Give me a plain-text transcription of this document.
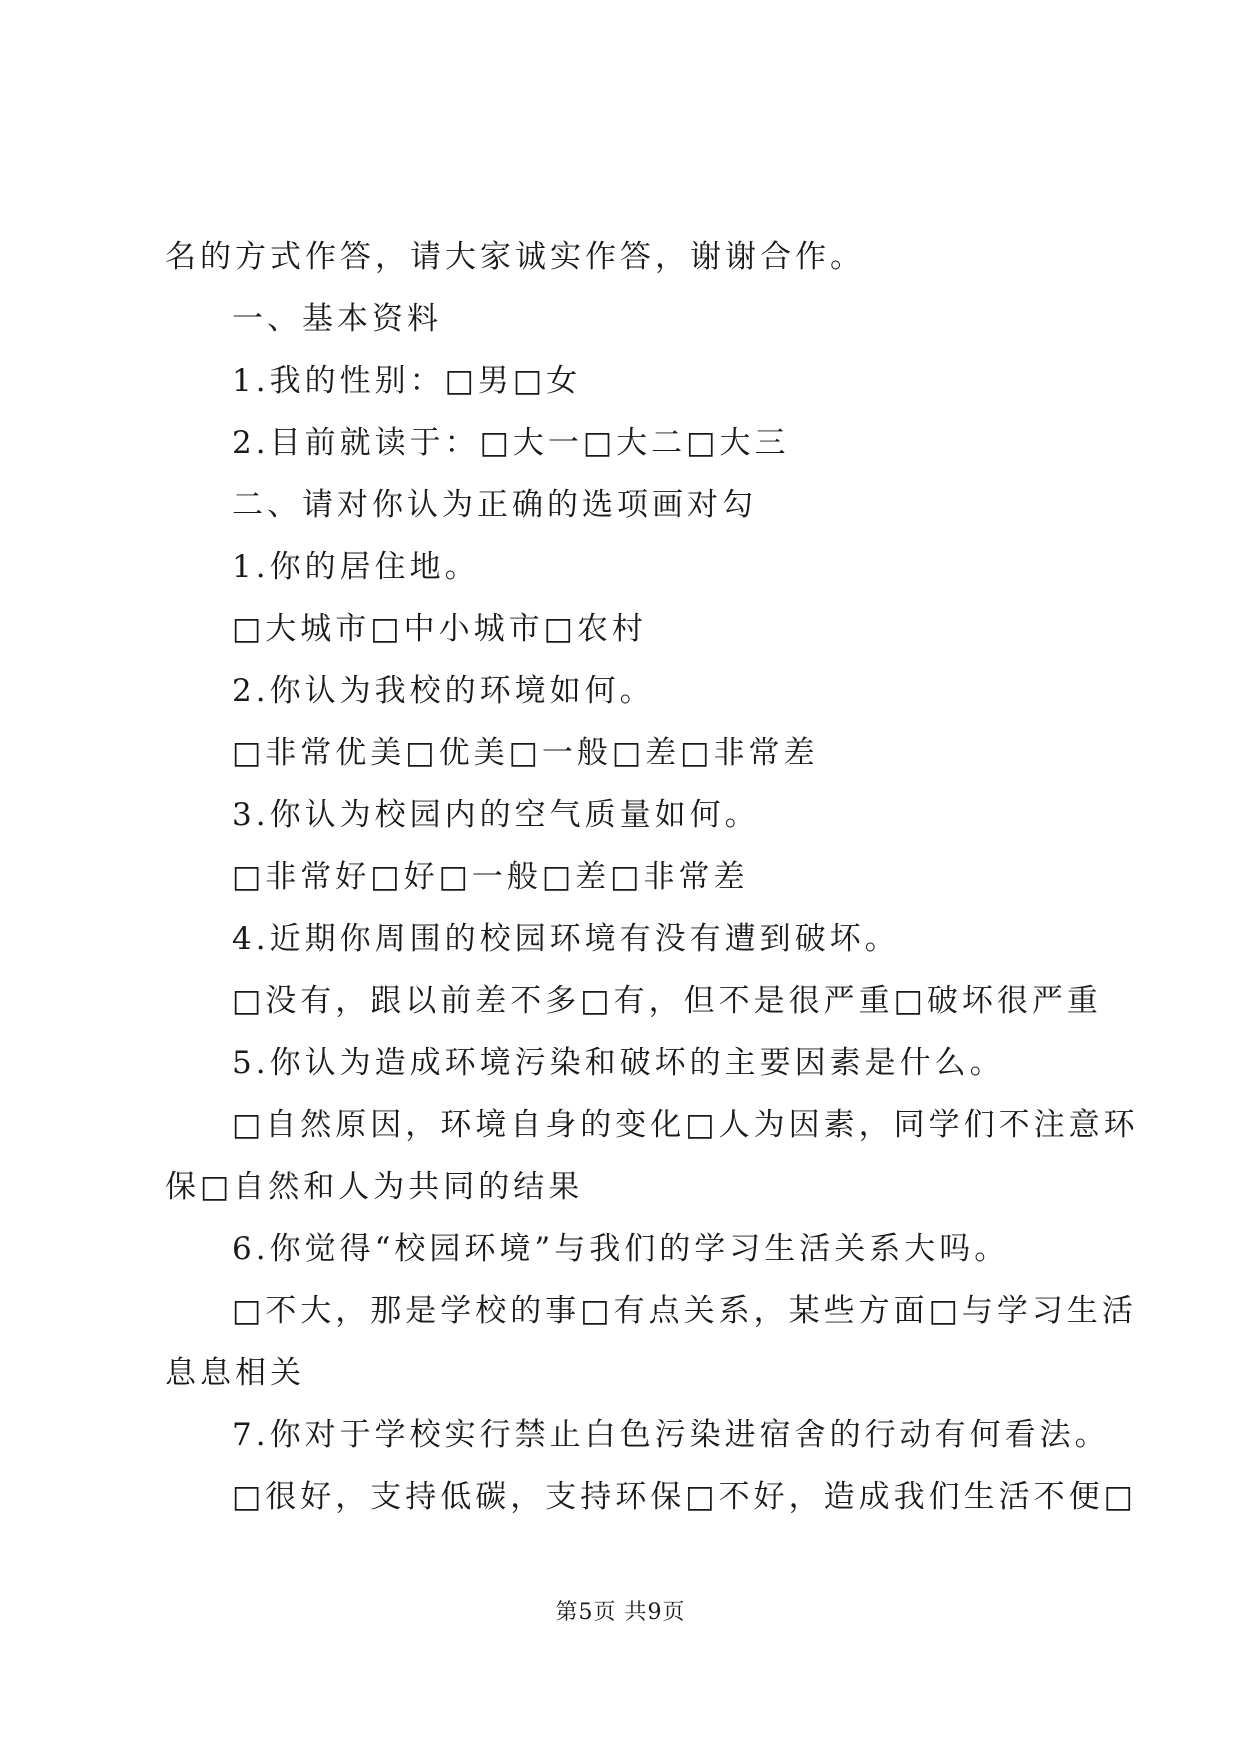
名的方式作答，请大家诚实作答，谢谢合作。
一、基本资料
1.我的性别：□男□女
2.目前就读于：□大一□大二□大三
二、请对你认为正确的选项画对勾
1.你的居住地。
□大城市□中小城市□农村
2.你认为我校的环境如何。
□非常优美□优美□一般□差□非常差
3.你认为校园内的空气质量如何。
□非常好□好□一般□差□非常差
4.近期你周围的校园环境有没有遭到破坏。
□没有，跟以前差不多□有，但不是很严重□破坏很严重
5.你认为造成环境污染和破坏的主要因素是什么。
□自然原因，环境自身的变化□人为因素，同学们不注意环
保□自然和人为共同的结果
6.你觉得“校园环境”与我们的学习生活关系大吗。
□不大，那是学校的事□有点关系，某些方面□与学习生活
息息相关
7.你对于学校实行禁止白色污染进宿舍的行动有何看法。
□很好，支持低碳，支持环保□不好，造成我们生活不便□
第5页 共9页
